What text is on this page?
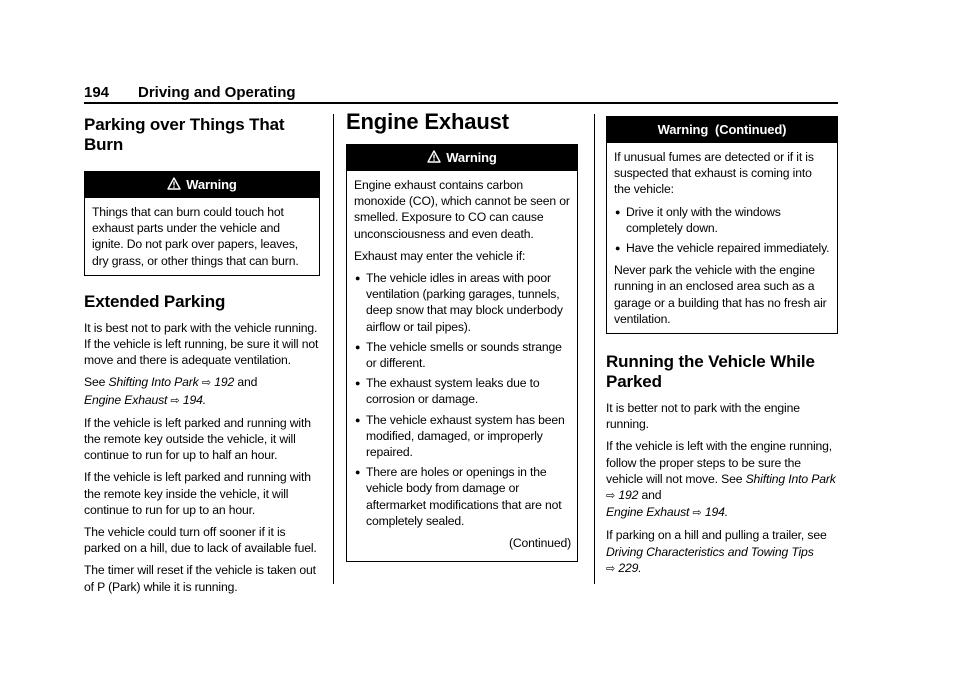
194 Driving and Operating
Parking over Things That Burn
Warning

Things that can burn could touch hot exhaust parts under the vehicle and ignite. Do not park over papers, leaves, dry grass, or other things that can burn.

Extended Parking

It is best not to park with the vehicle running. If the vehicle is left running, be sure it will not move and there is adequate ventilation.

See Shifting Into Park ⇨ 192 and
Engine Exhaust ⇨ 194.

If the vehicle is left parked and running with the remote key outside the vehicle, it will continue to run for up to half an hour.

If the vehicle is left parked and running with the remote key inside the vehicle, it will continue to run for up to an hour.

The vehicle could turn off sooner if it is parked on a hill, due to lack of available fuel.

The timer will reset if the vehicle is taken out of P (Park) while it is running.

Engine Exhaust
Warning

Engine exhaust contains carbon monoxide (CO), which cannot be seen or smelled. Exposure to CO can cause unconsciousness and even death.

Exhaust may enter the vehicle if:

● The vehicle idles in areas with poor ventilation (parking garages, tunnels, deep snow that may block underbody airflow or tail pipes).
● The vehicle smells or sounds strange or different.
● The exhaust system leaks due to corrosion or damage.
● The vehicle exhaust system has been modified, damaged, or improperly repaired.
● There are holes or openings in the vehicle body from damage or aftermarket modifications that are not completely sealed.

(Continued)

Warning  (Continued)

If unusual fumes are detected or if it is suspected that exhaust is coming into the vehicle:

● Drive it only with the windows completely down.
● Have the vehicle repaired immediately.

Never park the vehicle with the engine running in an enclosed area such as a garage or a building that has no fresh air ventilation.

Running the Vehicle While Parked

It is better not to park with the engine running.

If the vehicle is left with the engine running, follow the proper steps to be sure the vehicle will not move. See Shifting Into Park
⇨ 192 and
Engine Exhaust ⇨ 194.

If parking on a hill and pulling a trailer, see Driving Characteristics and Towing Tips
⇨ 229.
